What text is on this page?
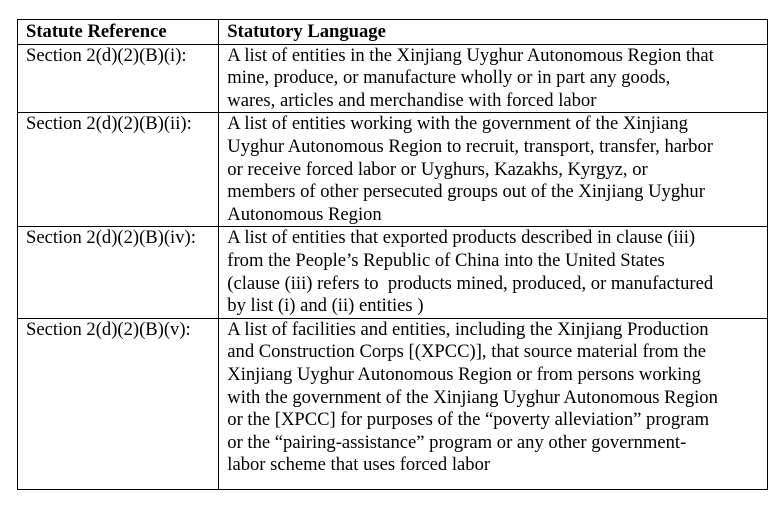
Statute Reference	Statutory Language
Section 2(d)(2)(B)(i):	A list of entities in the Xinjiang Uyghur Autonomous Region that
mine, produce, or manufacture wholly or in part any goods,
wares, articles and merchandise with forced labor

Section 2(d)(2)(B)(ii):	A list of entities working with the government of the Xinjiang
Uyghur Autonomous Region to recruit, transport, transfer, harbor
or receive forced labor or Uyghurs, Kazakhs, Kyrgyz, or
members of other persecuted groups out of the Xinjiang Uyghur
Autonomous Region

Section 2(d)(2)(B)(iv):	A list of entities that exported products described in clause (iii)
from the People’s Republic of China into the United States
(clause (iii) refers to  products mined, produced, or manufactured
by list (i) and (ii) entities )

Section 2(d)(2)(B)(v):	A list of facilities and entities, including the Xinjiang Production
and Construction Corps [(XPCC)], that source material from the
Xinjiang Uyghur Autonomous Region or from persons working
with the government of the Xinjiang Uyghur Autonomous Region
or the [XPCC] for purposes of the “poverty alleviation” program
or the “pairing-assistance” program or any other government-
labor scheme that uses forced labor
